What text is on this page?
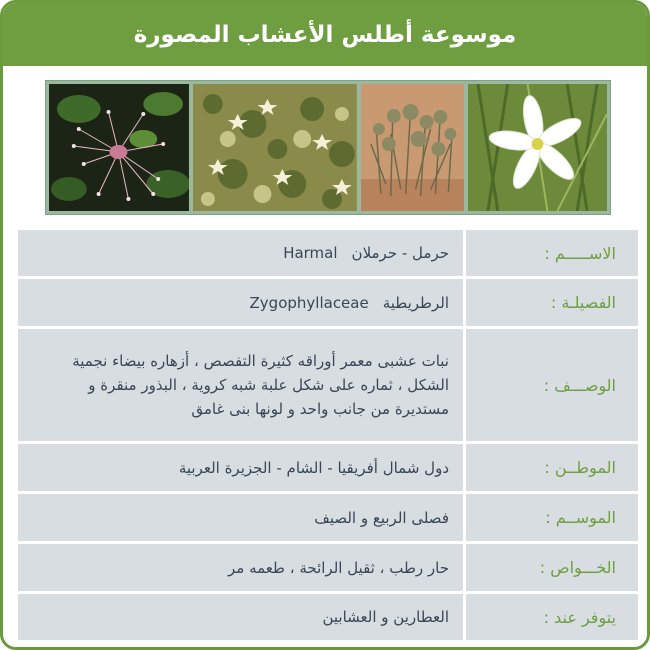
موسوعة أطلس الأعشاب المصورة
الاســـــم :
حرمل - حرملان
Harmal
الفصيلـة :
الرطريطية
Zygophyllaceae
الوصـــف :
نبات عشبى معمر أوراقه كثيرة التفصص ، أزهاره بيضاء نجمية الشكل ، ثماره على شكل علبة شبه كروية ، البذور منقرة و مستديرة من جانب واحد و لونها بنى غامق
الموطــن :
دول شمال أفريقيا - الشام - الجزيرة العربية
الموســم :
فصلى الربيع و الصيف
الخـــواص :
حار رطب ، ثقيل الرائحة ، طعمه مر
يتوفر عند :
العطارين و العشابين
